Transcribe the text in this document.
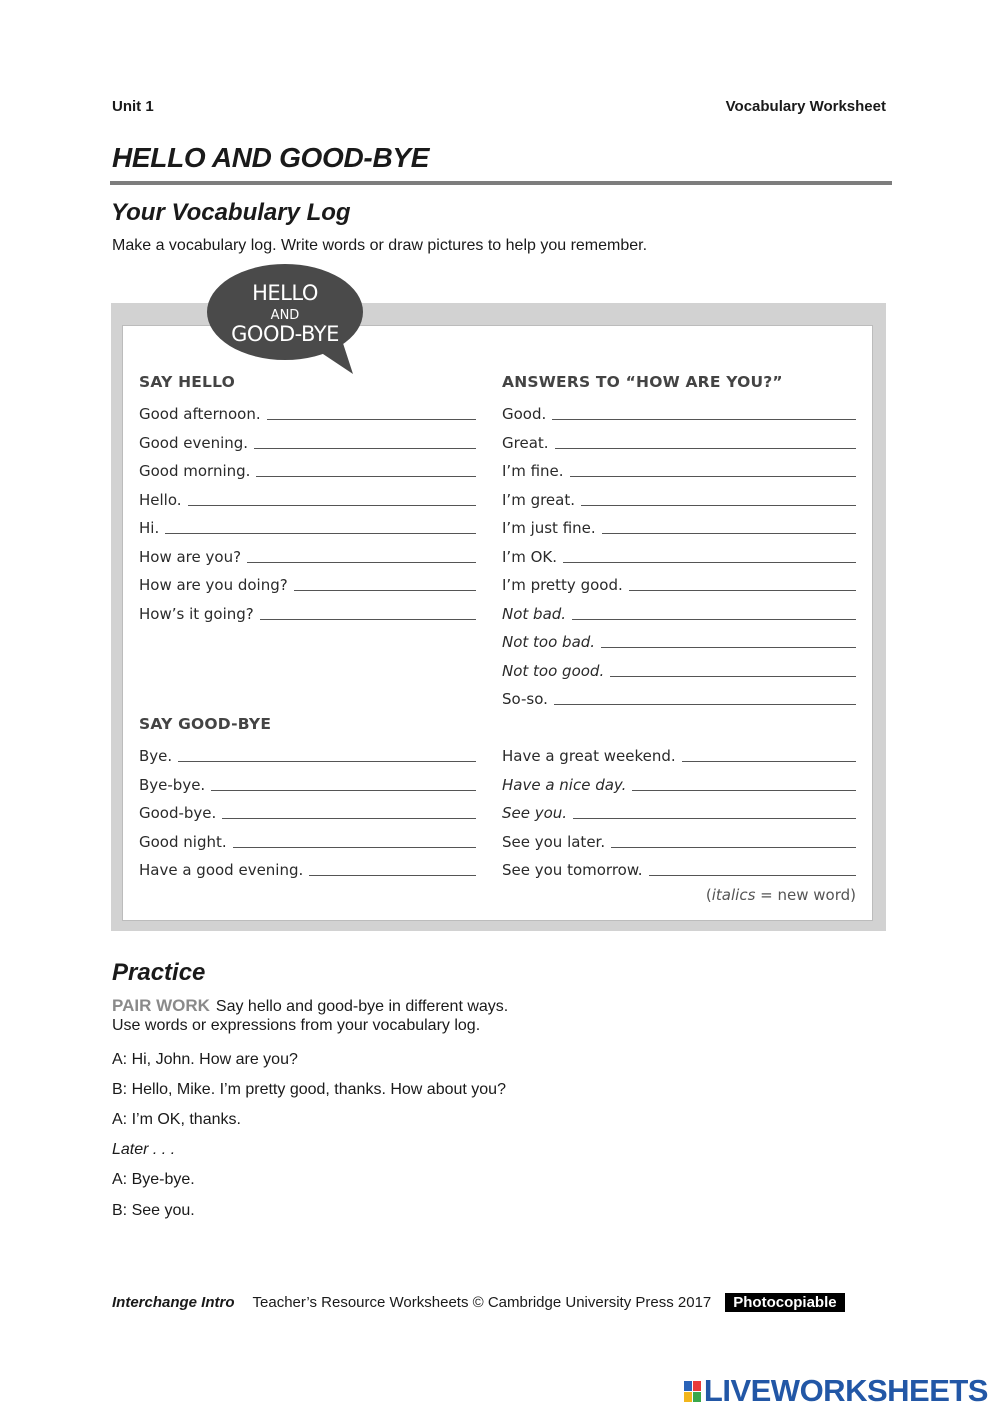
Unit 1	Vocabulary Worksheet
HELLO AND GOOD-BYE
Your Vocabulary Log
Make a vocabulary log. Write words or draw pictures to help you remember.
HELLO
AND
GOOD-BYE
SAY HELLO	ANSWERS TO “HOW ARE YOU?”
SAY GOOD-BYE
Good afternoon.
Good evening.
Good morning.
Hello.
Hi.
How are you?
How are you doing?
How’s it going?
Good.
Great.
I’m fine.
I’m great.
I’m just fine.
I’m OK.
I’m pretty good.
Not bad.
Not too bad.
Not too good.
So-so.
Bye.
Bye-bye.
Good-bye.
Good night.
Have a good evening.
Have a great weekend.
Have a nice day.
See you.
See you later.
See you tomorrow.
(italics = new word)
Practice
PAIR WORK Say hello and good-bye in different ways.
Use words or expressions from your vocabulary log.
A: Hi, John. How are you?
B: Hello, Mike. I’m pretty good, thanks. How about you?
A: I’m OK, thanks.
Later . . .
A: Bye-bye.
B: See you.
Interchange Intro Teacher’s Resource Worksheets © Cambridge University Press 2017	Photocopiable
LIVEWORKSHEETS
